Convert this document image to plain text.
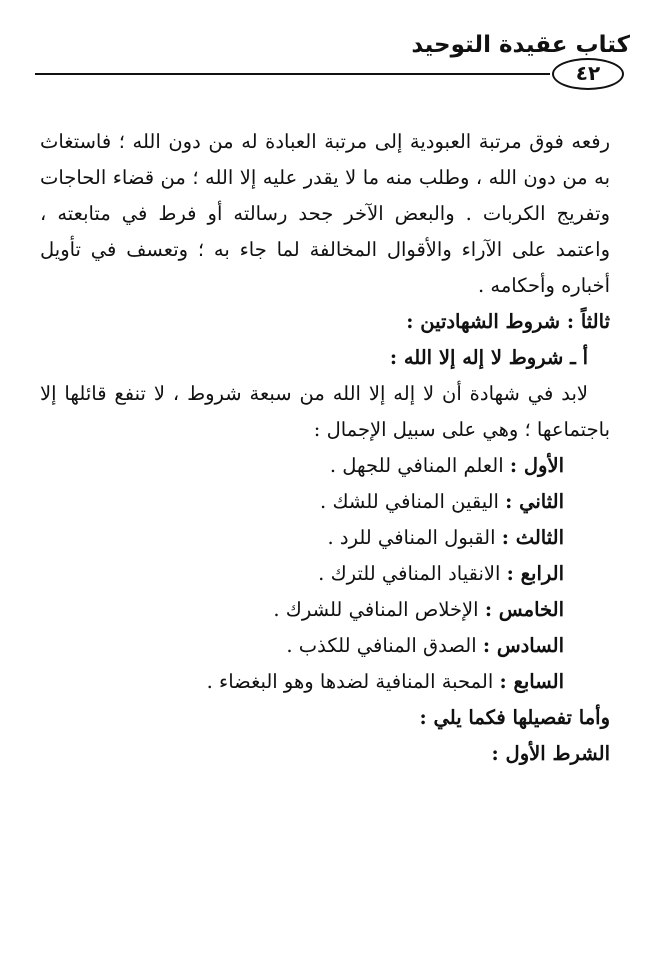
كتاب عقيدة التوحيد
٤٢

رفعه فوق مرتبة العبودية إلى مرتبة العبادة له من دون الله ؛ فاستغاث به من دون الله ، وطلب منه ما لا يقدر عليه إلا الله ؛ من قضاء الحاجات وتفريج الكربات . والبعض الآخر جحد رسالته أو فرط في متابعته ، واعتمد على الآراء والأقوال المخالفة لما جاء به ؛ وتعسف في تأويل أخباره وأحكامه .

ثالثاً : شروط الشهادتين :
أ ـ شروط لا إله إلا الله :

لابد في شهادة أن لا إله إلا الله من سبعة شروط ، لا تنفع قائلها إلا باجتماعها ؛ وهي على سبيل الإجمال :

الأول : العلم المنافي للجهل .
الثاني : اليقين المنافي للشك .
الثالث : القبول المنافي للرد .
الرابع : الانقياد المنافي للترك .
الخامس : الإخلاص المنافي للشرك .
السادس : الصدق المنافي للكذب .
السابع : المحبة المنافية لضدها وهو البغضاء .
وأما تفصيلها فكما يلي :
الشرط الأول :
